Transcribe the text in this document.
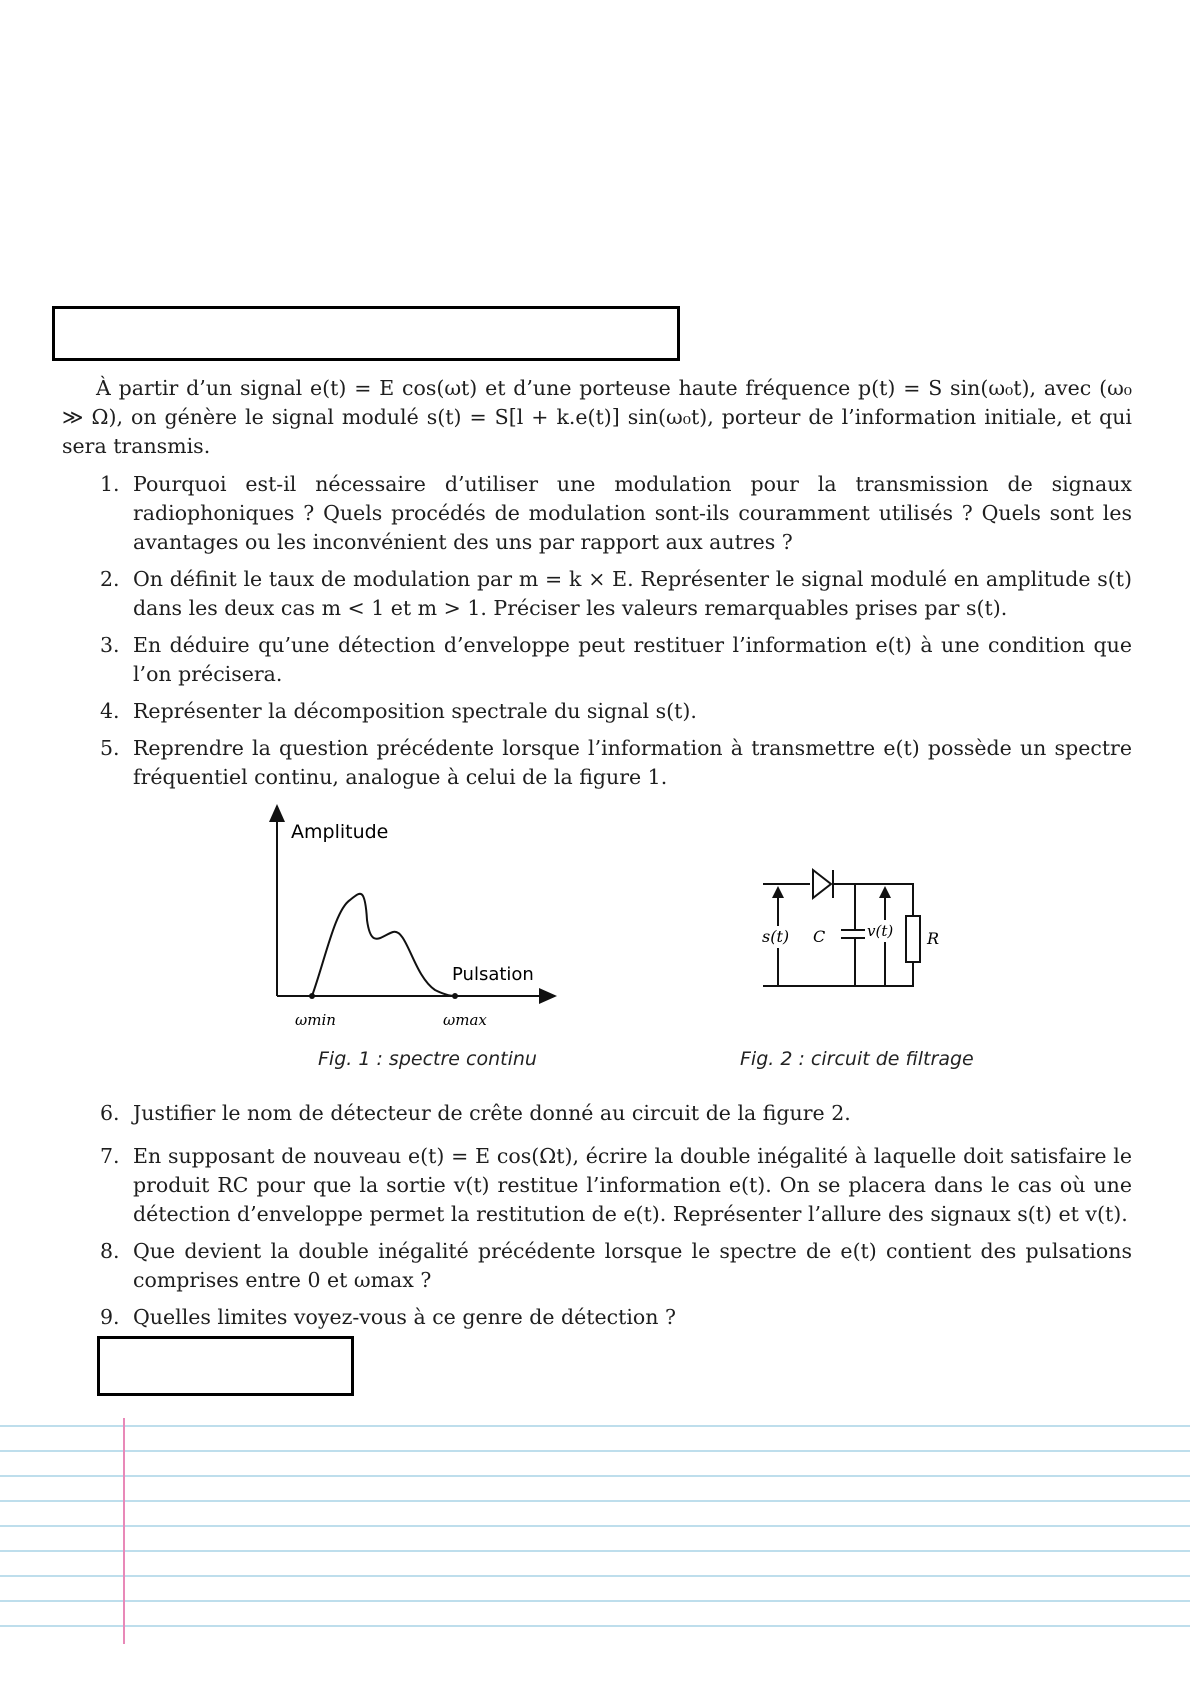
À partir d’un signal e(t) = E cos(ωt) et d’une porteuse haute fréquence p(t) = S sin(ω₀t), avec (ω₀ ≫ Ω), on génère le signal modulé s(t) = S[l + k.e(t)] sin(ω₀t), porteur de l’information initiale, et qui sera transmis.

1. Pourquoi est-il nécessaire d’utiliser une modulation pour la transmission de signaux radiophoniques ? Quels procédés de modulation sont-ils couramment utilisés ? Quels sont les avantages ou les inconvénient des uns par rapport aux autres ?
2. On définit le taux de modulation par m = k × E. Représenter le signal modulé en amplitude s(t) dans les deux cas m < 1 et m > 1. Préciser les valeurs remarquables prises par s(t).
3. En déduire qu’une détection d’enveloppe peut restituer l’information e(t) à une condition que l’on précisera.
4. Représenter la décomposition spectrale du signal s(t).
5. Reprendre la question précédente lorsque l’information à transmettre e(t) possède un spectre fréquentiel continu, analogue à celui de la figure 1.
Amplitude
Pulsation
ωmin	ωmax
Fig. 1 : spectre continu
s(t) C	v(t) R
Fig. 2 : circuit de filtrage
6. Justifier le nom de détecteur de crête donné au circuit de la figure 2.
7. En supposant de nouveau e(t) = E cos(Ωt), écrire la double inégalité à laquelle doit satisfaire le produit RC pour que la sortie v(t) restitue l’information e(t). On se placera dans le cas où une détection d’enveloppe permet la restitution de e(t). Représenter l’allure des signaux s(t) et v(t).
8. Que devient la double inégalité précédente lorsque le spectre de e(t) contient des pulsations comprises entre 0 et ωmax ?
9. Quelles limites voyez-vous à ce genre de détection ?
